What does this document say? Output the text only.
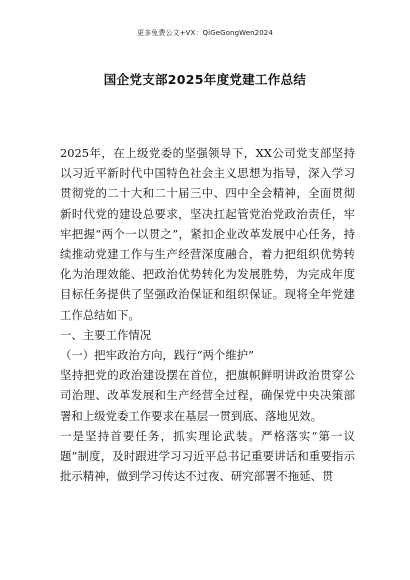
更多免费公文+VX：QiGeGongWen2024
国企党支部2025年度党建工作总结

2025年，在上级党委的坚强领导下，XX公司党支部坚持以习近平新时代中国特色社会主义思想为指导，深入学习贯彻党的二十大和二十届三中、四中全会精神，全面贯彻新时代党的建设总要求，坚决扛起管党治党政治责任，牢牢把握“两个一以贯之”，紧扣企业改革发展中心任务，持续推动党建工作与生产经营深度融合，着力把组织优势转化为治理效能、把政治优势转化为发展胜势，为完成年度目标任务提供了坚强政治保证和组织保证。现将全年党建工作总结如下。

一、主要工作情况

（一）把牢政治方向，践行“两个维护”

坚持把党的政治建设摆在首位，把旗帜鲜明讲政治贯穿公司治理、改革发展和生产经营全过程，确保党中央决策部署和上级党委工作要求在基层一贯到底、落地见效。

一是坚持首要任务，抓实理论武装。严格落实“第一议题”制度，及时跟进学习习近平总书记重要讲话和重要指示批示精神，做到学习传达不过夜、研究部署不拖延、贯
